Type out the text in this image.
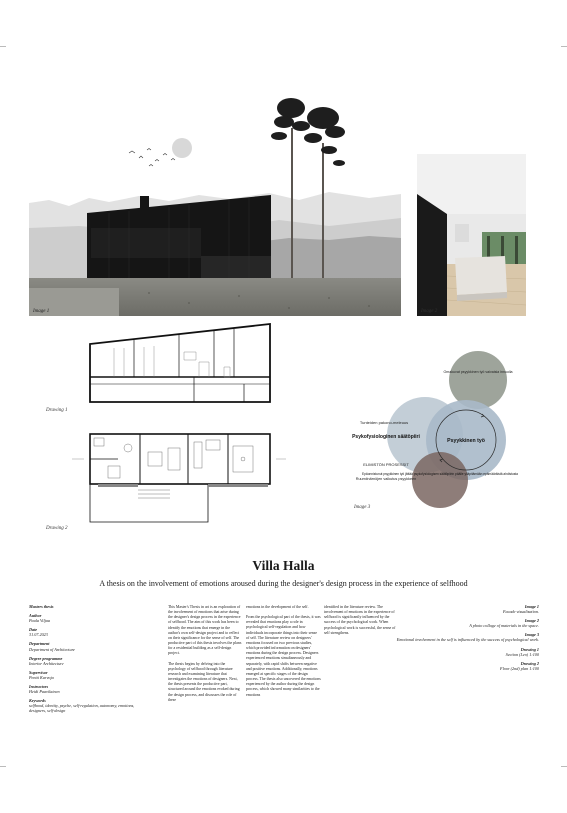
Image 1	Image 2
Drawing 1
Drawing 2
Omakuvat psyykkinen työ vaivaisia innuolla
Psyykkinen työ
Tunteiden pakono-meleuus
Psykofysiologinen säätöpiiri
ELIMISTÖN PROSESSIT
Ruumiinärnöjen vaikutus psyykkeen
Epäonnistunut psyykkinen työ jättää psykofysiologisen säätöpiirin päälle ylläpitämään epämääräistä ahdistusta
Image 3
Villa Halla
A thesis on the involvement of emotions aroused during the designer's design process in the experience of selfhood
Masters thesis
Author
Paula Viljaa
Date
31.07.2023
Department
Department of Architecture
Degree programme
Interior Architecture
Supervisor
Pentti Karvoja
Instructors
Heidi Paavilainen
Keywords
selfhood, identity, psyche, self-regulation, autonomy, emotions, designers, self-design

This Master's Thesis in art is an exploration of the involvement of emotions that arise during the designer's design process in the experience of selfhood. The aim of this work has been to identify the emotions that emerge in the author's own self-design project and to reflect on their significance for the sense of self. The productive part of this thesis involves the plans for a residential building as a self-design project.

The thesis begins by delving into the psychology of selfhood through literature research and examining literature that investigates the emotions of designers. Next, the thesis presents the productive part, structured around the emotions evoked during the design process, and discusses the role of these

emotions in the development of the self.

From the psychological part of the thesis, it was revealed that emotions play a role in psychological self-regulation and how individuals incorporate things into their sense of self. The literature review on designers' emotions focused on two previous studies, which provided information on designers' emotions during the design process. Designers experienced emotions simultaneously and separately, with rapid shifts between negative and positive emotions. Additionally, emotions emerged at specific stages of the design process. The thesis also uncovered the emotions experienced by the author during the design process, which showed many similarities to the emotions

identified in the literature review. The involvement of emotions in the experience of selfhood is significantly influenced by the success of the psychological work. When psychological work is successful, the sense of self strengthens.

Image 1
Facade visualization.
Image 2
A photo collage of materials in the space.
Image 3
Emotional involvement in the self is influenced by the success of psychological work.
Drawing 1
Section (Leo) 1:100
Drawing 2
Floor (2nd) plan 1:100
